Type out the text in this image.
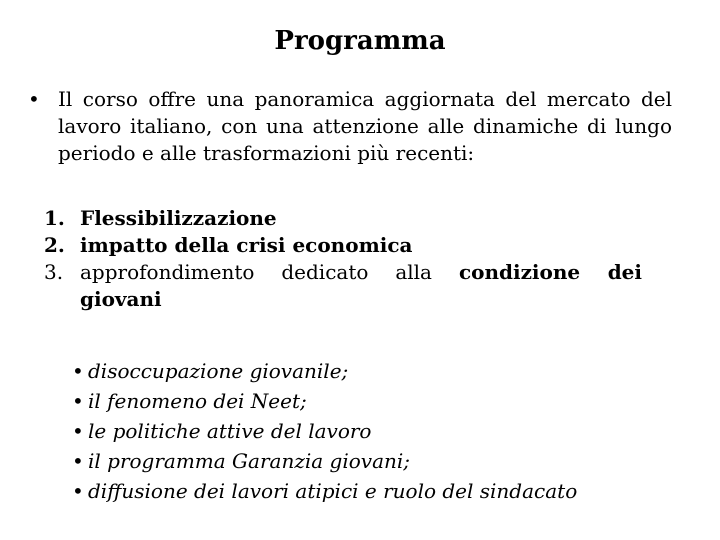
Programma
• Il corso offre una panoramica aggiornata del mercato del lavoro italiano, con una attenzione alle dinamiche di lungo periodo e alle trasformazioni più recenti:
1. Flessibilizzazione
2. impatto della crisi economica
3. approfondimento dedicato alla condizione dei giovani
• disoccupazione giovanile;
• il fenomeno dei Neet;
• le politiche attive del lavoro
• il programma Garanzia giovani;
• diffusione dei lavori atipici e ruolo del sindacato
